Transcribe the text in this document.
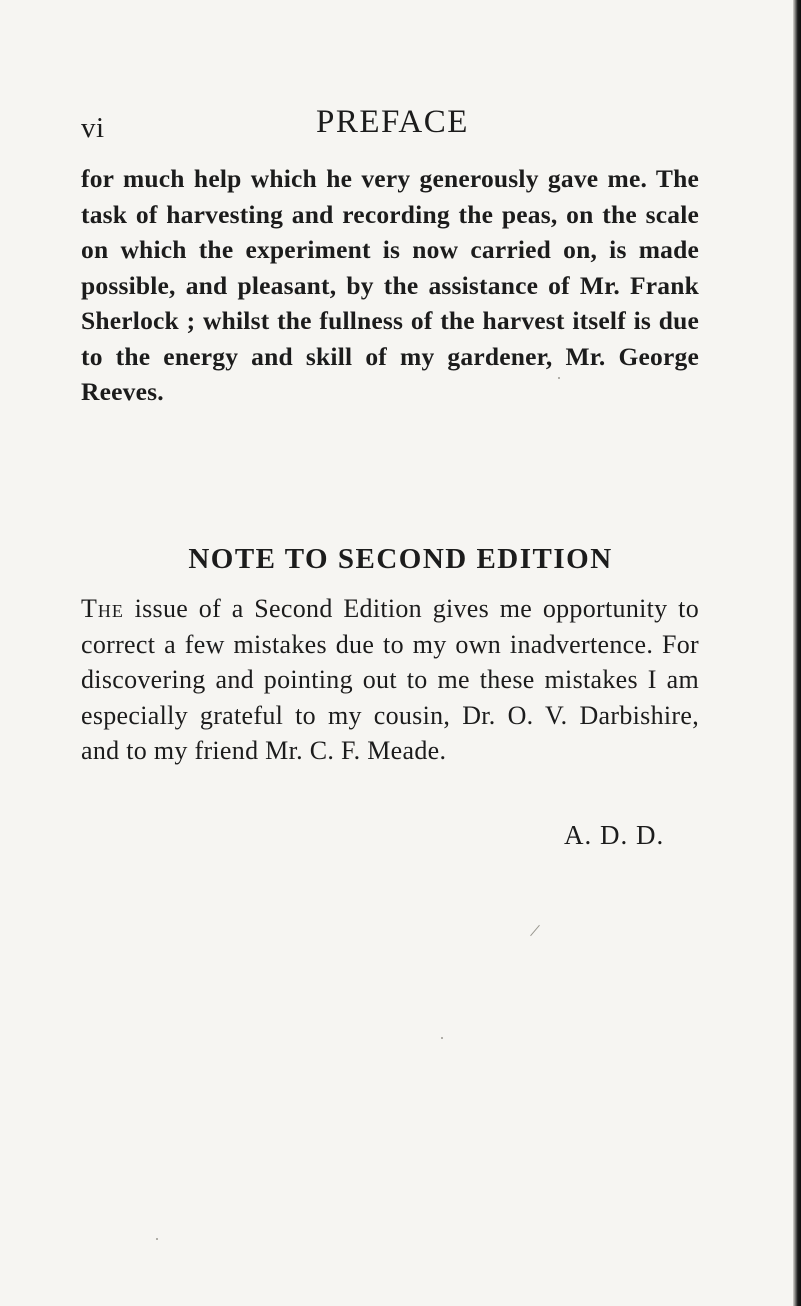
vi	PREFACE

for much help which he very generously gave me. The task of harvesting and recording the peas, on the scale on which the experiment is now carried on, is made possible, and pleasant, by the assistance of Mr. Frank Sherlock ; whilst the fullness of the harvest itself is due to the energy and skill of my gardener, Mr. George Reeves.

NOTE TO SECOND EDITION

The issue of a Second Edition gives me opportunity to correct a few mistakes due to my own inadvertence. For discovering and pointing out to me these mistakes I am especially grateful to my cousin, Dr. O. V. Darbishire, and to my friend Mr. C. F. Meade.

A. D. D.
